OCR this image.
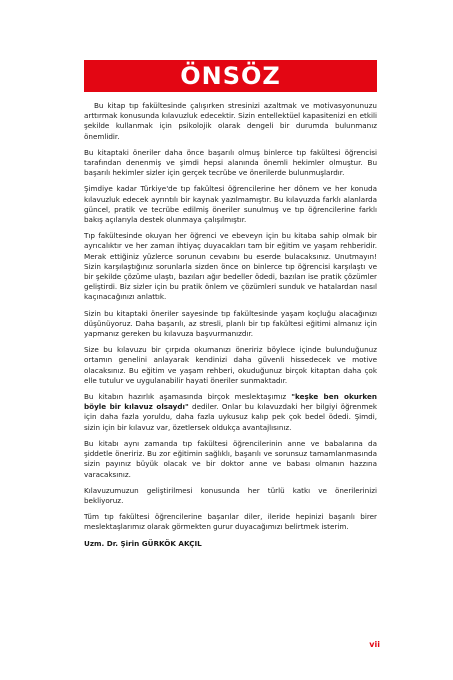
ÖNSÖZ

Bu kitap tıp fakültesinde çalışırken stresinizi azaltmak ve motivasyonunuzu arttırmak konusunda kılavuzluk edecektir. Sizin entellektüel kapasitenizi en etkili şekilde kullanmak için psikolojik olarak dengeli bir durumda bulunmanız önemlidir.

Bu kitaptaki öneriler daha önce başarılı olmuş binlerce tıp fakültesi öğrencisi tarafından denenmiş ve şimdi hepsi alanında önemli hekimler olmuştur. Bu başarılı hekimler sizler için gerçek tecrübe ve önerilerde bulunmuşlardır.

Şimdiye kadar Türkiye'de tıp fakültesi öğrencilerine her dönem ve her konuda kılavuzluk edecek ayrıntılı bir kaynak yazılmamıştır. Bu kılavuzda farklı alanlarda güncel, pratik ve tecrübe edilmiş öneriler sunulmuş ve tıp öğrencilerine farklı bakış açılarıyla destek olunmaya çalışılmıştır.

Tıp fakültesinde okuyan her öğrenci ve ebeveyn için bu kitaba sahip olmak bir ayrıcalıktır ve her zaman ihtiyaç duyacakları tam bir eğitim ve yaşam rehberidir. Merak ettiğiniz yüzlerce sorunun cevabını bu eserde bulacaksınız. Unutmayın! Sizin karşılaştığınız sorunlarla sizden önce on binlerce tıp öğrencisi karşılaştı ve bir şekilde çözüme ulaştı, bazıları ağır bedeller ödedi, bazıları ise pratik çözümler geliştirdi. Biz sizler için bu pratik önlem ve çözümleri sunduk ve hatalardan nasıl kaçınacağınızı anlattık.

Sizin bu kitaptaki öneriler sayesinde tıp fakültesinde yaşam koçluğu alacağınızı düşünüyoruz. Daha başarılı, az stresli, planlı bir tıp fakültesi eğitimi almanız için yapmanız gereken bu kılavuza başvurmanızdır.

Size bu kılavuzu bir çırpıda okumanızı öneririz böylece içinde bulunduğunuz ortamın genelini anlayarak kendinizi daha güvenli hissedecek ve motive olacaksınız. Bu eğitim ve yaşam rehberi, okuduğunuz birçok kitaptan daha çok elle tutulur ve uygulanabilir hayati öneriler sunmaktadır.

Bu kitabın hazırlık aşamasında birçok meslektaşımız "keşke ben okurken böyle bir kılavuz olsaydı" dediler. Onlar bu kılavuzdaki her bilgiyi öğrenmek için daha fazla yoruldu, daha fazla uykusuz kalıp pek çok bedel ödedi. Şimdi, sizin için bir kılavuz var, özetlersek oldukça avantajlısınız.

Bu kitabı aynı zamanda tıp fakültesi öğrencilerinin anne ve babalarına da şiddetle öneririz. Bu zor eğitimin sağlıklı, başarılı ve sorunsuz tamamlanmasında sizin payınız büyük olacak ve bir doktor anne ve babası olmanın hazzına varacaksınız.

Kılavuzumuzun geliştirilmesi konusunda her türlü katkı ve önerilerinizi bekliyoruz.

Tüm tıp fakültesi öğrencilerine başarılar diler, ileride hepinizi başarılı birer meslektaşlarımız olarak görmekten gurur duyacağımızı belirtmek isterim.

Uzm. Dr. Şirin GÜRKÖK AKÇIL

vii
